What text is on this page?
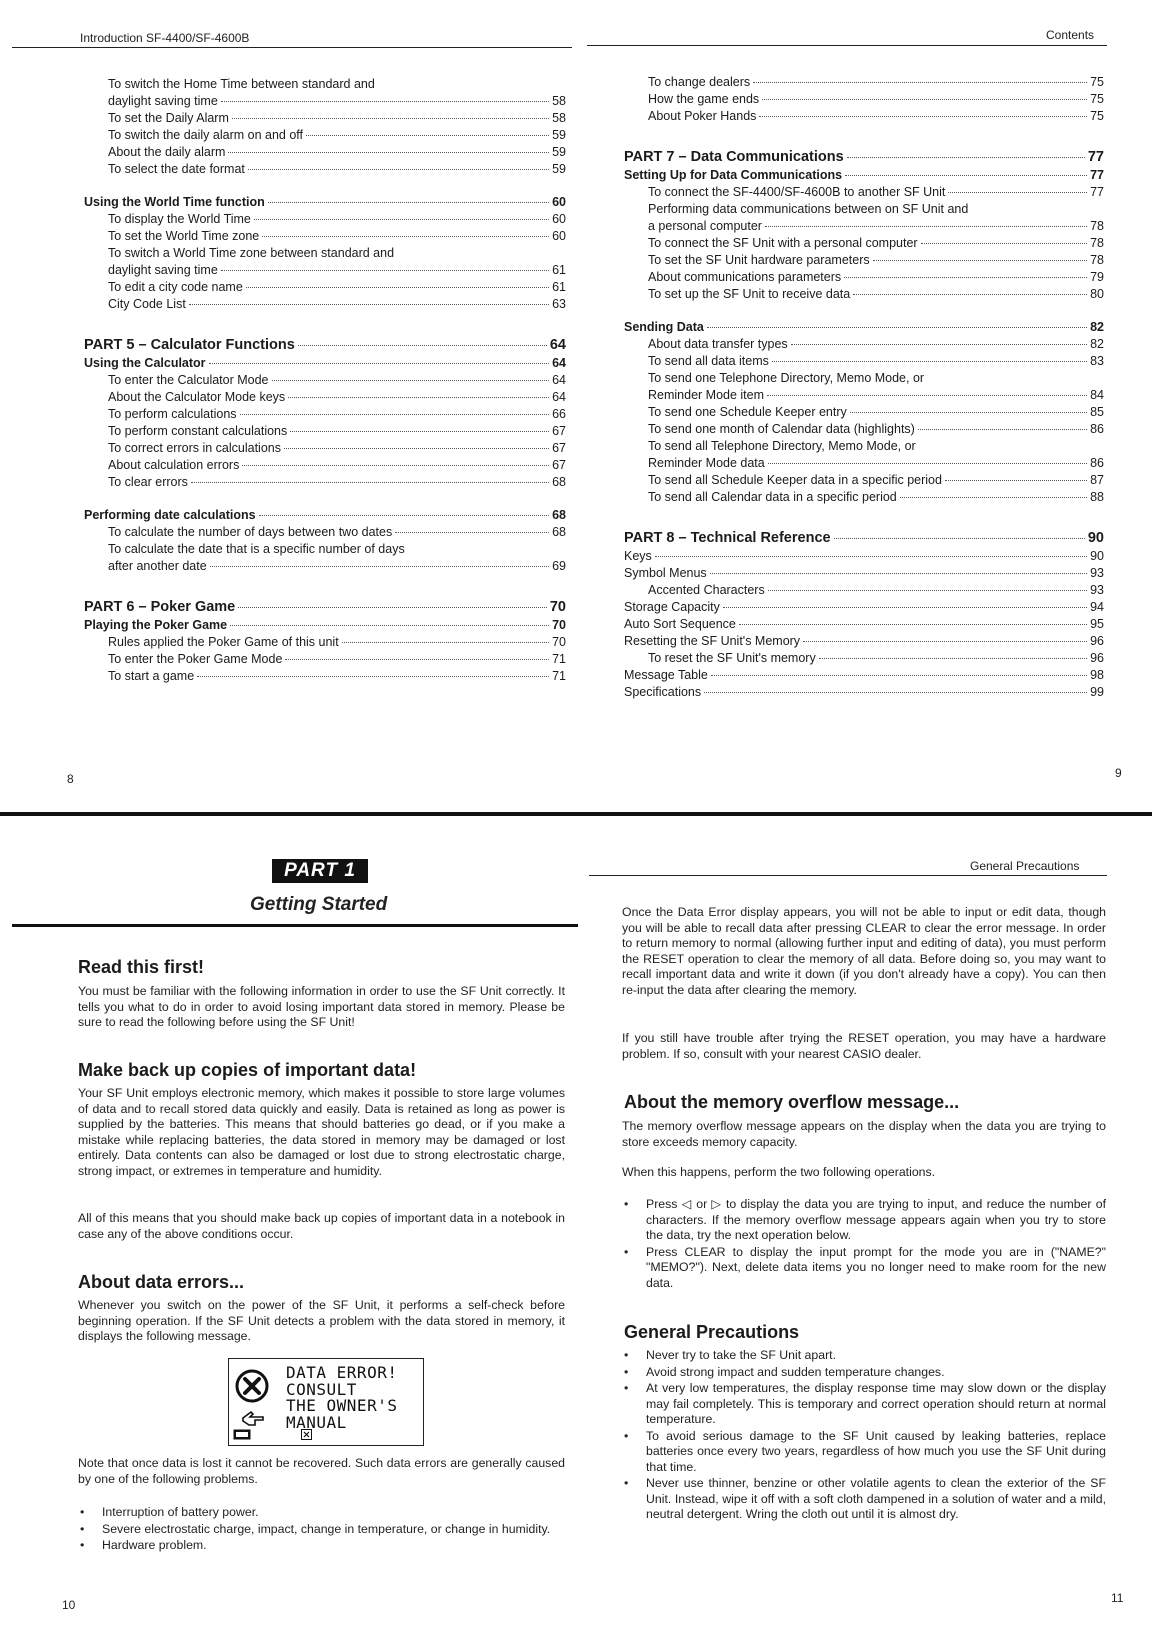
Introduction SF-4400/SF-4600B
To switch the Home Time between standard and
daylight saving time	58
To set the Daily Alarm	58
To switch the daily alarm on and off	59
About the daily alarm	59
To select the date format	59
Using the World Time function	60
To display the World Time	60
To set the World Time zone	60
To switch a World Time zone between standard and
daylight saving time	61
To edit a city code name	61
City Code List	63
PART 5 – Calculator Functions	64
Using the Calculator	64
To enter the Calculator Mode	64
About the Calculator Mode keys	64
To perform calculations	66
To perform constant calculations	67
To correct errors in calculations	67
About calculation errors	67
To clear errors	68
Performing date calculations	68
To calculate the number of days between two dates	68
To calculate the date that is a specific number of days
after another date	69
PART 6 – Poker Game	70
Playing the Poker Game	70
Rules applied the Poker Game of this unit	70
To enter the Poker Game Mode	71
To start a game	71
8
Contents
To change dealers	75
How the game ends	75
About Poker Hands	75
PART 7 – Data Communications	77
Setting Up for Data Communications	77
To connect the SF-4400/SF-4600B to another SF Unit	77
Performing data communications between on SF Unit and
a personal computer	78
To connect the SF Unit with a personal computer	78
To set the SF Unit hardware parameters	78
About communications parameters	79
To set up the SF Unit to receive data	80
Sending Data	82
About data transfer types	82
To send all data items	83
To send one Telephone Directory, Memo Mode, or
Reminder Mode item	84
To send one Schedule Keeper entry	85
To send one month of Calendar data (highlights)	86
To send all Telephone Directory, Memo Mode, or
Reminder Mode data	86
To send all Schedule Keeper data in a specific period	87
To send all Calendar data in a specific period	88
PART 8 – Technical Reference	90
Keys	90
Symbol Menus	93
Accented Characters	93
Storage Capacity	94
Auto Sort Sequence	95
Resetting the SF Unit's Memory	96
To reset the SF Unit's memory	96
Message Table	98
Specifications	99
9
PART 1
Getting Started
Read this first!

You must be familiar with the following information in order to use the SF Unit correctly. It tells you what to do in order to avoid losing important data stored in memory. Please be sure to read the following before using the SF Unit!

Make back up copies of important data!

Your SF Unit employs electronic memory, which makes it possible to store large volumes of data and to recall stored data quickly and easily. Data is retained as long as power is supplied by the batteries. This means that should batteries go dead, or if you make a mistake while replacing batteries, the data stored in memory may be damaged or lost entirely. Data contents can also be damaged or lost due to strong electrostatic charge, strong impact, or extremes in temperature and humidity.

All of this means that you should make back up copies of important data in a notebook in case any of the above conditions occur.

About data errors...

Whenever you switch on the power of the SF Unit, it performs a self-check before beginning operation. If the SF Unit detects a problem with the data stored in memory, it displays the following message.

DATA ERROR!
CONSULT
THE OWNER'S
MANUAL

Note that once data is lost it cannot be recovered. Such data errors are generally caused by one of the following problems.

• Interruption of battery power.
• Severe electrostatic charge, impact, change in temperature, or change in humidity.
• Hardware problem.
10
General Precautions

Once the Data Error display appears, you will not be able to input or edit data, though you will be able to recall data after pressing CLEAR to clear the error message. In order to return memory to normal (allowing further input and editing of data), you must perform the RESET operation to clear the memory of all data. Before doing so, you may want to recall important data and write it down (if you don't already have a copy). You can then re-input the data after clearing the memory.

If you still have trouble after trying the RESET operation, you may have a hardware problem. If so, consult with your nearest CASIO dealer.

About the memory overflow message...

The memory overflow message appears on the display when the data you are trying to store exceeds memory capacity.

When this happens, perform the two following operations.

• Press ◁ or ▷ to display the data you are trying to input, and reduce the number of characters. If the memory overflow message appears again when you try to store the data, try the next operation below.
• Press CLEAR to display the input prompt for the mode you are in ("NAME?" "MEMO?"). Next, delete data items you no longer need to make room for the new data.
General Precautions
• Never try to take the SF Unit apart.
• Avoid strong impact and sudden temperature changes.
• At very low temperatures, the display response time may slow down or the display may fail completely. This is temporary and correct operation should return at normal temperature.
• To avoid serious damage to the SF Unit caused by leaking batteries, replace batteries once every two years, regardless of how much you use the SF Unit during that time.
• Never use thinner, benzine or other volatile agents to clean the exterior of the SF Unit. Instead, wipe it off with a soft cloth dampened in a solution of water and a mild, neutral detergent. Wring the cloth out until it is almost dry.
11
